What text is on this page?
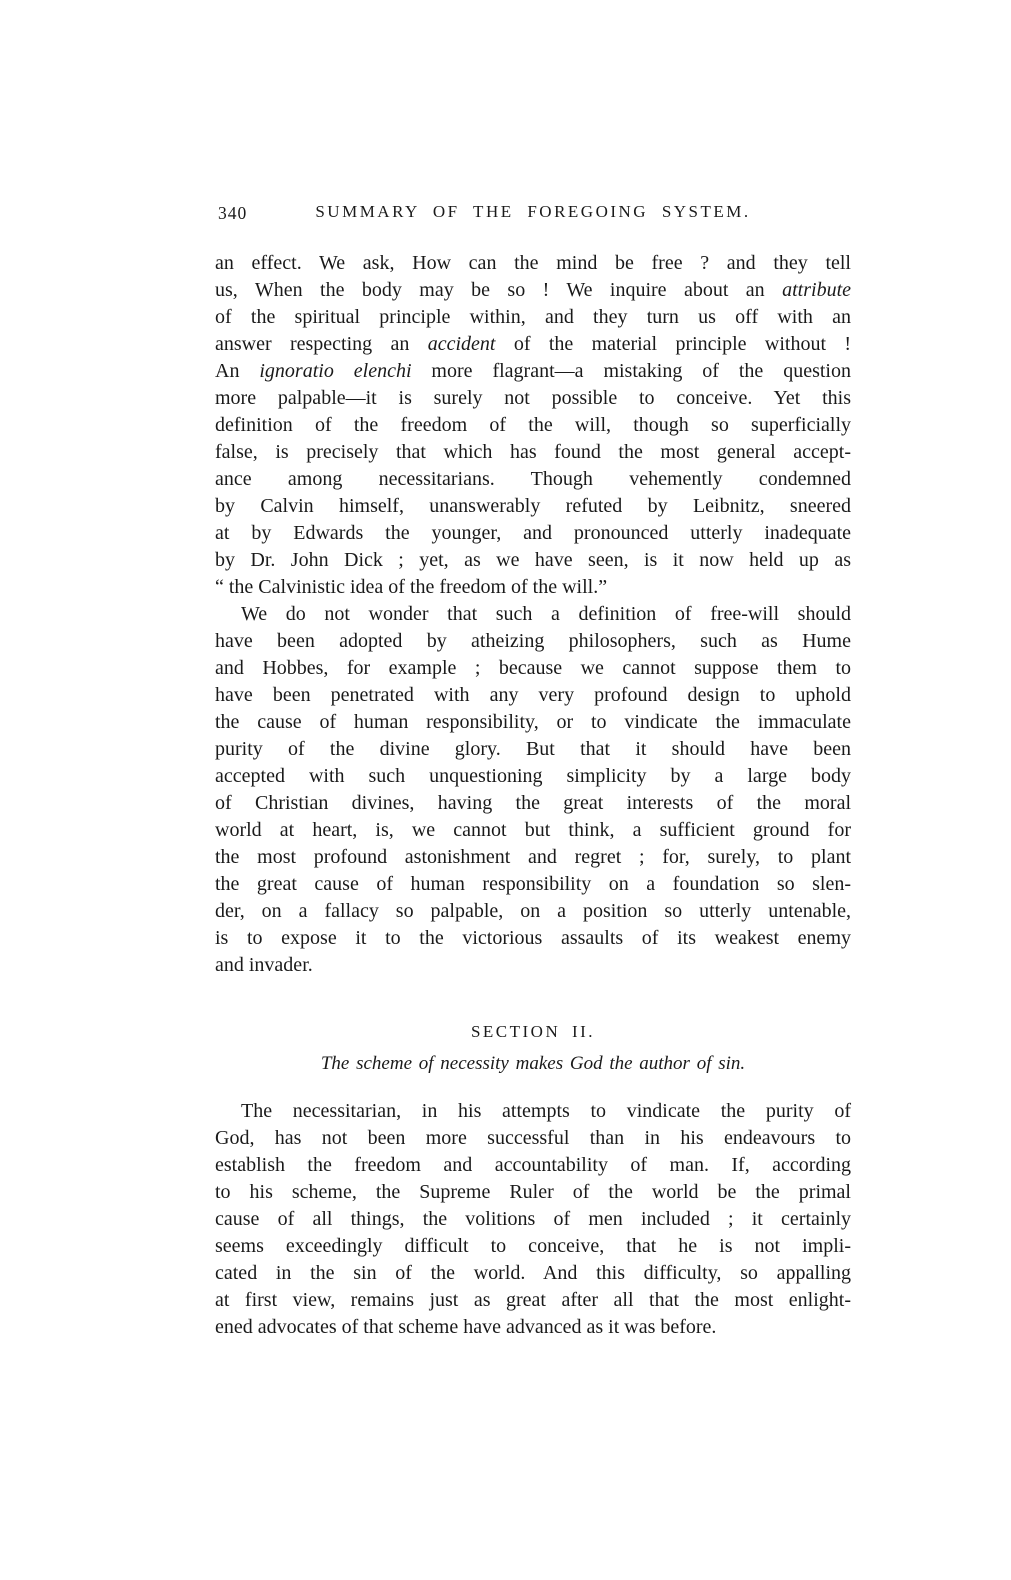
340	SUMMARY OF THE FOREGOING SYSTEM.
an effect. We ask, How can the mind be free ? and they tell
us, When the body may be so ! We inquire about an attribute
of the spiritual principle within, and they turn us off with an
answer respecting an accident of the material principle without !
An ignoratio elenchi more flagrant—a mistaking of the question
more palpable—it is surely not possible to conceive. Yet this
definition of the freedom of the will, though so superficially
false, is precisely that which has found the most general accept-
ance among necessitarians. Though vehemently condemned
by Calvin himself, unanswerably refuted by Leibnitz, sneered
at by Edwards the younger, and pronounced utterly inadequate
by Dr. John Dick ; yet, as we have seen, is it now held up as
“ the Calvinistic idea of the freedom of the will.”
We do not wonder that such a definition of free-will should
have been adopted by atheizing philosophers, such as Hume
and Hobbes, for example ; because we cannot suppose them to
have been penetrated with any very profound design to uphold
the cause of human responsibility, or to vindicate the immaculate
purity of the divine glory. But that it should have been
accepted with such unquestioning simplicity by a large body
of Christian divines, having the great interests of the moral
world at heart, is, we cannot but think, a sufficient ground for
the most profound astonishment and regret ; for, surely, to plant
the great cause of human responsibility on a foundation so slen-
der, on a fallacy so palpable, on a position so utterly untenable,
is to expose it to the victorious assaults of its weakest enemy
and invader.
SECTION II.
The scheme of necessity makes God the author of sin.
The necessitarian, in his attempts to vindicate the purity of
God, has not been more successful than in his endeavours to
establish the freedom and accountability of man. If, according
to his scheme, the Supreme Ruler of the world be the primal
cause of all things, the volitions of men included ; it certainly
seems exceedingly difficult to conceive, that he is not impli-
cated in the sin of the world. And this difficulty, so appalling
at first view, remains just as great after all that the most enlight-
ened advocates of that scheme have advanced as it was before.
